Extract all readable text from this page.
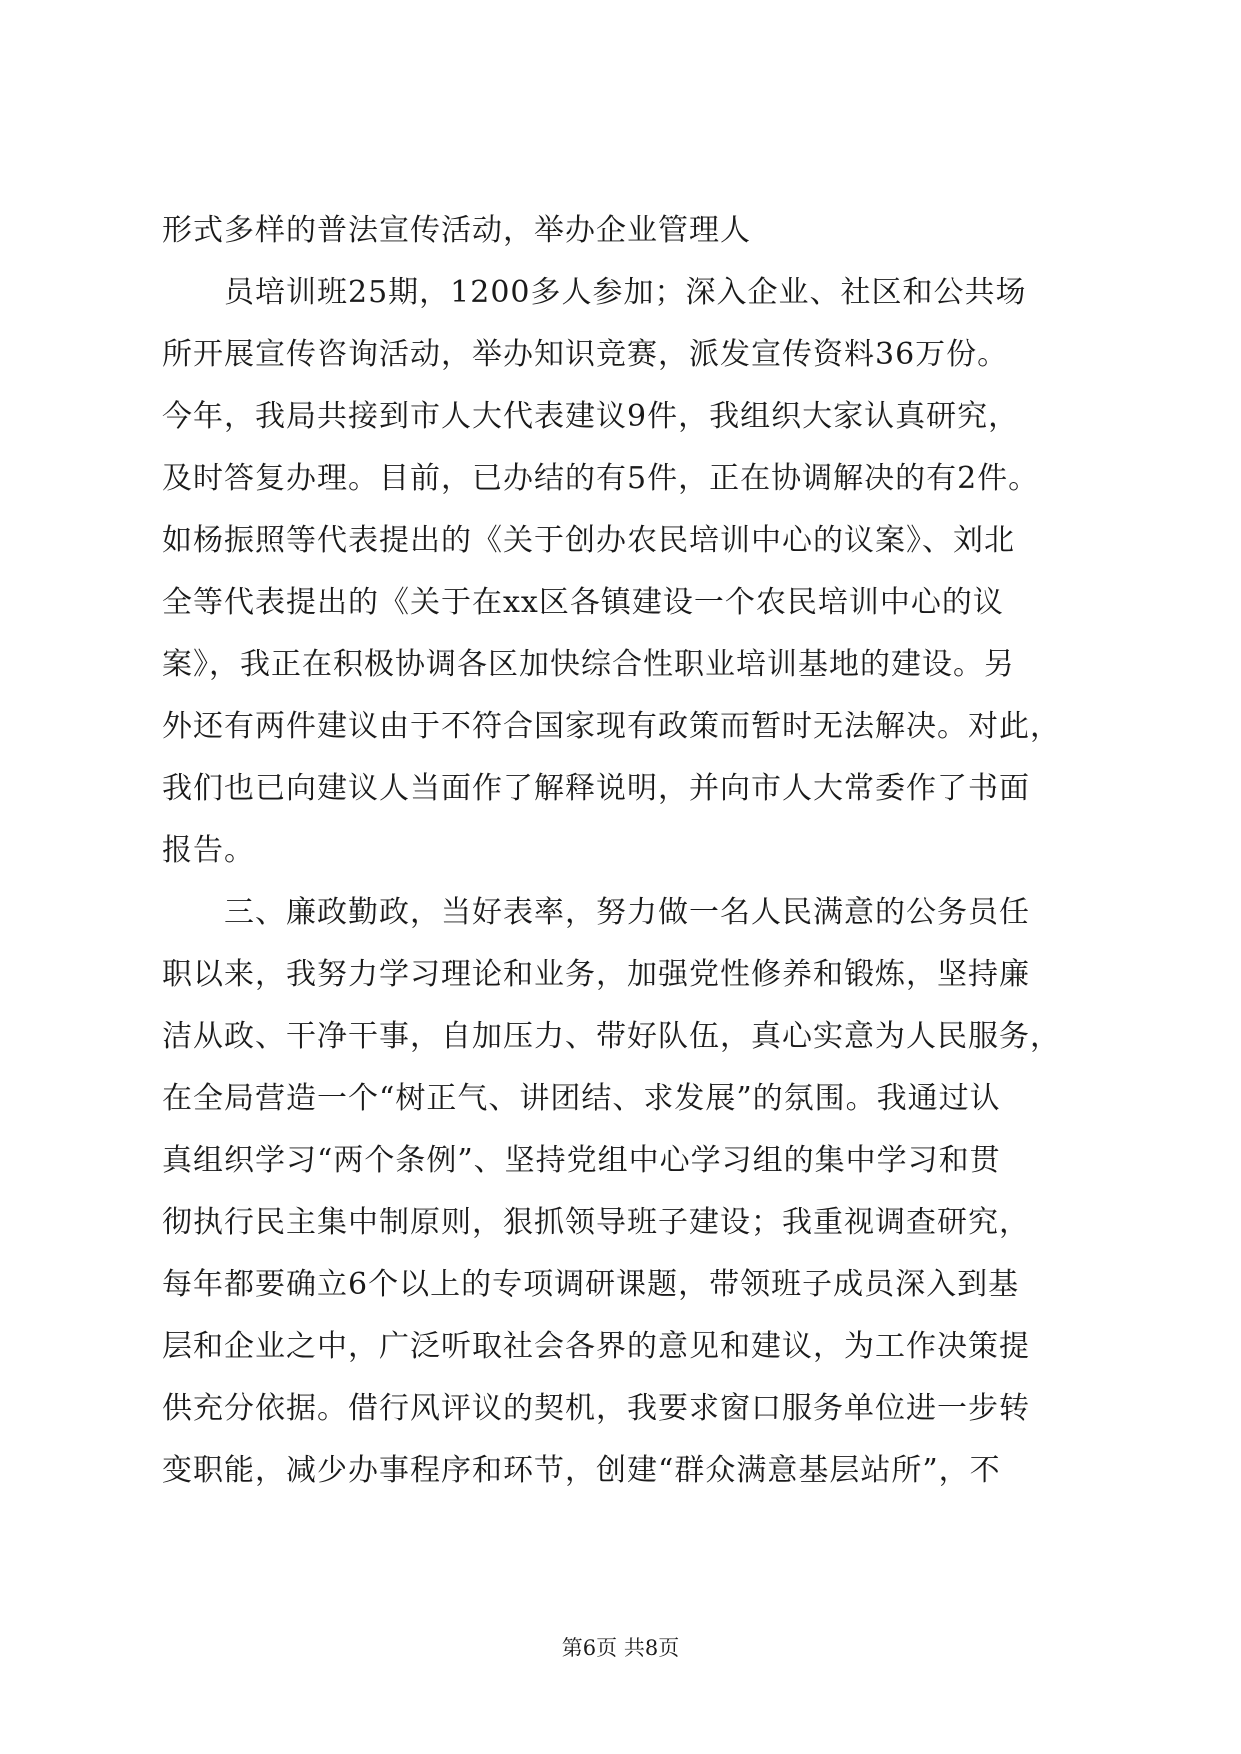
形式多样的普法宣传活动，举办企业管理人
　　员培训班25期，1200多人参加；深入企业、社区和公共场
所开展宣传咨询活动，举办知识竞赛，派发宣传资料36万份。
今年，我局共接到市人大代表建议9件，我组织大家认真研究，
及时答复办理。目前，已办结的有5件，正在协调解决的有2件。
如杨振照等代表提出的《关于创办农民培训中心的议案》、刘北
全等代表提出的《关于在xx区各镇建设一个农民培训中心的议
案》，我正在积极协调各区加快综合性职业培训基地的建设。另
外还有两件建议由于不符合国家现有政策而暂时无法解决。对此，
我们也已向建议人当面作了解释说明，并向市人大常委作了书面
报告。
　　三、廉政勤政，当好表率，努力做一名人民满意的公务员任
职以来，我努力学习理论和业务，加强党性修养和锻炼，坚持廉
洁从政、干净干事，自加压力、带好队伍，真心实意为人民服务，
在全局营造一个“树正气、讲团结、求发展”的氛围。我通过认
真组织学习“两个条例”、坚持党组中心学习组的集中学习和贯
彻执行民主集中制原则，狠抓领导班子建设；我重视调查研究，
每年都要确立6个以上的专项调研课题，带领班子成员深入到基
层和企业之中，广泛听取社会各界的意见和建议，为工作决策提
供充分依据。借行风评议的契机，我要求窗口服务单位进一步转
变职能，减少办事程序和环节，创建“群众满意基层站所”，不
第6页 共8页
